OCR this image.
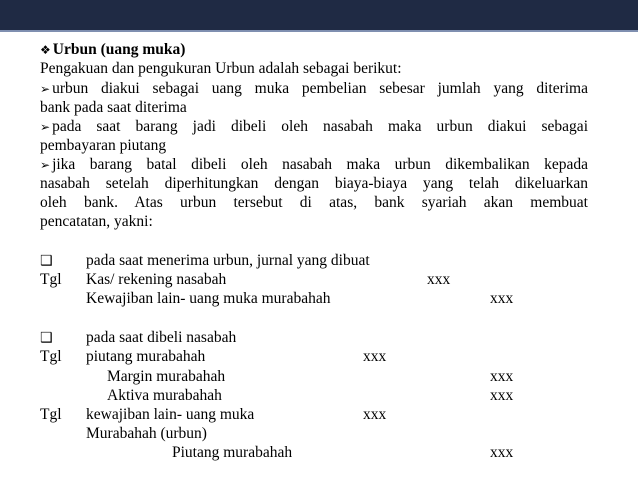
❖ Urbun (uang muka)
Pengakuan dan pengukuran Urbun adalah sebagai berikut:
➢ urbun diakui sebagai uang muka pembelian sebesar jumlah yang diterima
bank pada saat diterima
➢ pada saat barang jadi dibeli oleh nasabah maka urbun diakui sebagai
pembayaran piutang
➢ jika barang batal dibeli oleh nasabah maka urbun dikembalikan kepada
nasabah setelah diperhitungkan dengan biaya-biaya yang telah dikeluarkan
oleh bank. Atas urbun tersebut di atas, bank syariah akan membuat
pencatatan, yakni:
❑ pada saat menerima urbun, jurnal yang dibuat
Tgl Kas/ rekening nasabah	xxx
Kewajiban lain- uang muka murabahah	xxx
❑ pada saat dibeli nasabah
Tgl piutang murabahah	xxx
Margin murabahah	xxx
Aktiva murabahah	xxx
Tgl kewajiban lain- uang muka	xxx
Murabahah (urbun)
Piutang murabahah	xxx
